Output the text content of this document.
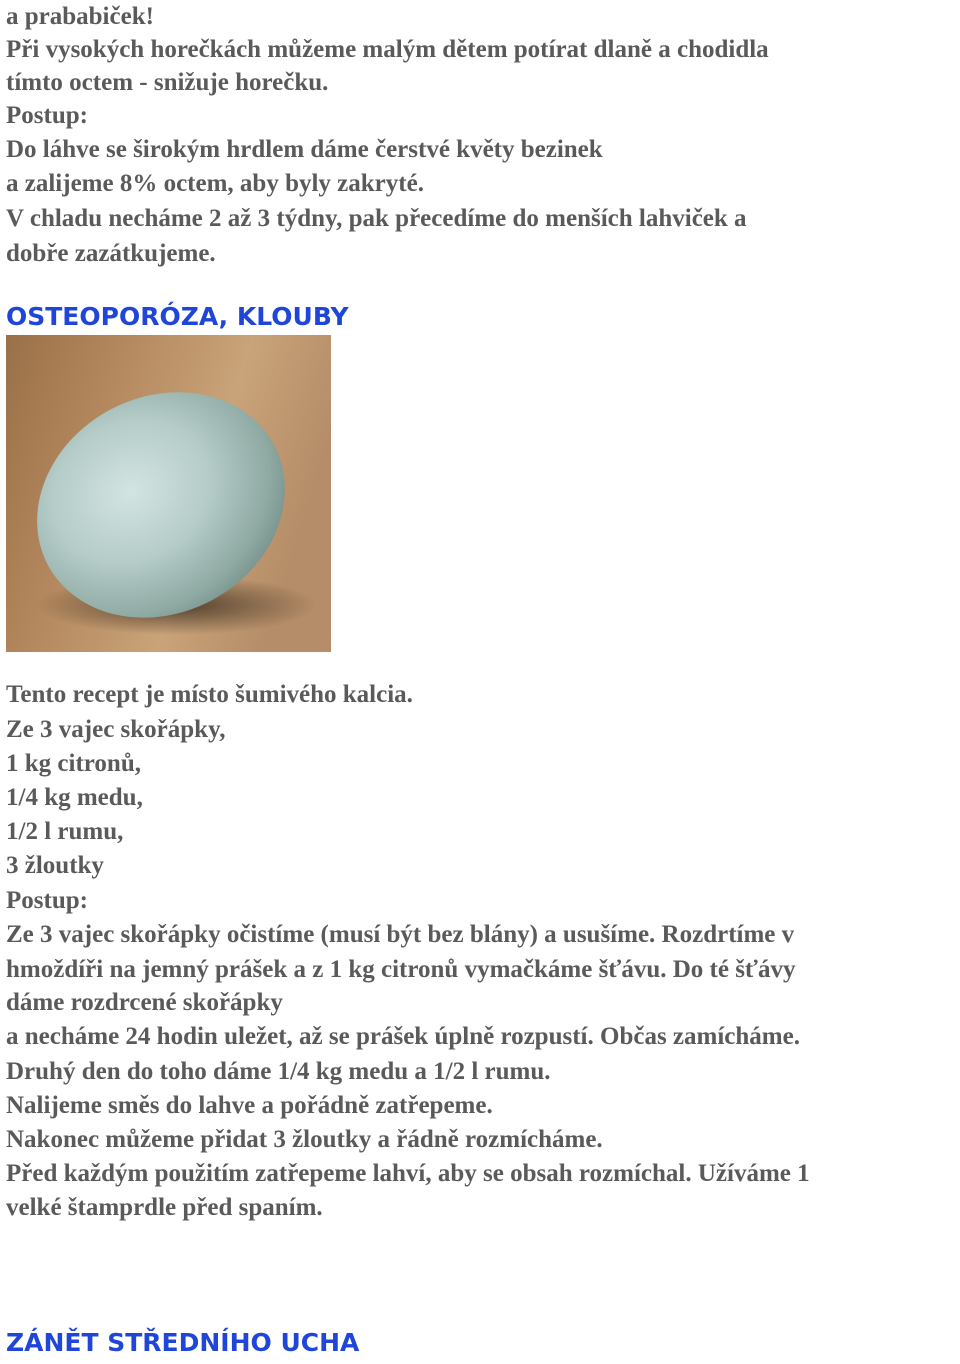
a prababiček!
Při vysokých horečkách můžeme malým dětem potírat dlaně a chodidla
tímto octem - snižuje horečku.
Postup:
Do láhve se širokým hrdlem dáme čerstvé květy bezinek
a zalijeme 8% octem, aby byly zakryté.
V chladu necháme 2 až 3 týdny, pak přecedíme do menších lahviček a
dobře zazátkujeme.
OSTEOPORÓZA, KLOUBY
Tento recept je místo šumivého kalcia.
Ze 3 vajec skořápky,
1 kg citronů,
1/4 kg medu,
1/2 l rumu,
3 žloutky
Postup:
Ze 3 vajec skořápky očistíme (musí být bez blány) a usušíme. Rozdrtíme v
hmoždíři na jemný prášek a z 1 kg citronů vymačkáme šťávu. Do té šťávy
dáme rozdrcené skořápky
a necháme 24 hodin uležet, až se prášek úplně rozpustí. Občas zamícháme.
Druhý den do toho dáme 1/4 kg medu a 1/2 l rumu.
Nalijeme směs do lahve a pořádně zatřepeme.
Nakonec můžeme přidat 3 žloutky a řádně rozmícháme.
Před každým použitím zatřepeme lahví, aby se obsah rozmíchal. Užíváme 1
velké štamprdle před spaním.
ZÁNĚT STŘEDNÍHO UCHA
